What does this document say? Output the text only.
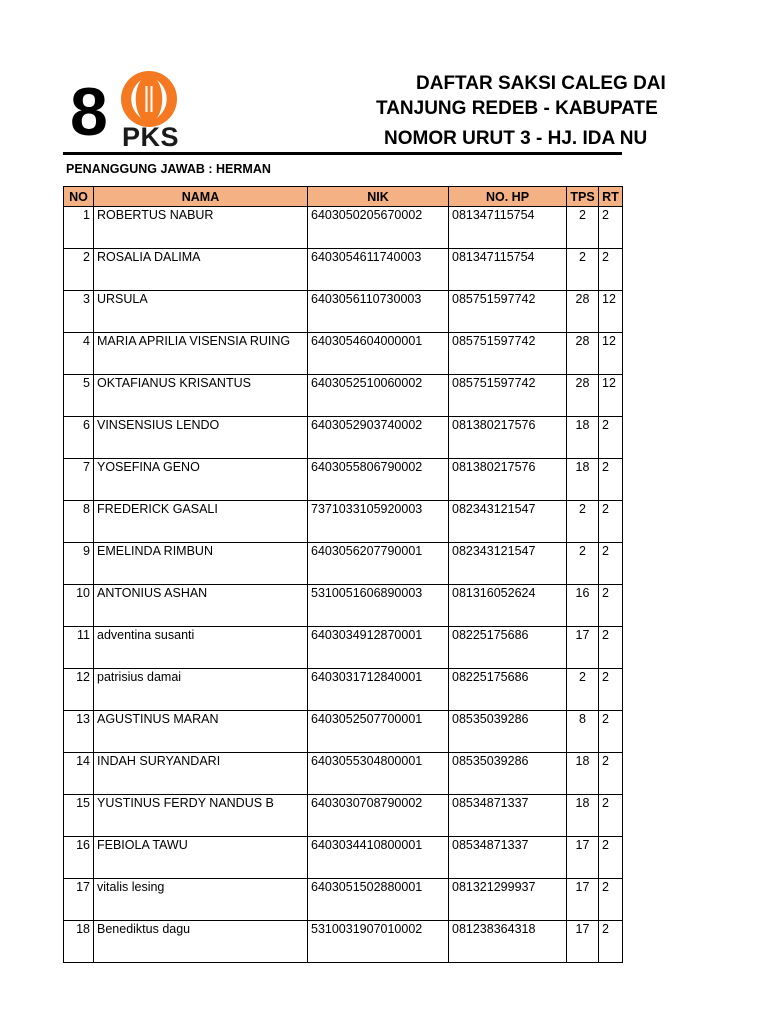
8 PKS
DAFTAR SAKSI CALEG DAI
TANJUNG REDEB - KABUPATE
NOMOR URUT 3 - HJ. IDA NU
PENANGGUNG JAWAB : HERMAN
NO	NAMA	NIK	NO. HP	TPS	RT
1	ROBERTUS NABUR	6403050205670002	081347115754	2	2
2	ROSALIA DALIMA	6403054611740003	081347115754	2	2
3	URSULA	6403056110730003	085751597742	28	12
4	MARIA APRILIA VISENSIA RUING	6403054604000001	085751597742	28	12
5	OKTAFIANUS KRISANTUS	6403052510060002	085751597742	28	12
6	VINSENSIUS LENDO	6403052903740002	081380217576	18	2
7	YOSEFINA GENO	6403055806790002	081380217576	18	2
8	FREDERICK GASALI	7371033105920003	082343121547	2	2
9	EMELINDA RIMBUN	6403056207790001	082343121547	2	2
10	ANTONIUS ASHAN	5310051606890003	081316052624	16	2
11	adventina susanti	6403034912870001	08225175686	17	2
12	patrisius damai	6403031712840001	08225175686	2	2
13	AGUSTINUS MARAN	6403052507700001	08535039286	8	2
14	INDAH SURYANDARI	6403055304800001	08535039286	18	2
15	YUSTINUS FERDY NANDUS B	6403030708790002	08534871337	18	2
16	FEBIOLA TAWU	6403034410800001	08534871337	17	2
17	vitalis lesing	6403051502880001	081321299937	17	2
18	Benediktus dagu	5310031907010002	081238364318	17	2
